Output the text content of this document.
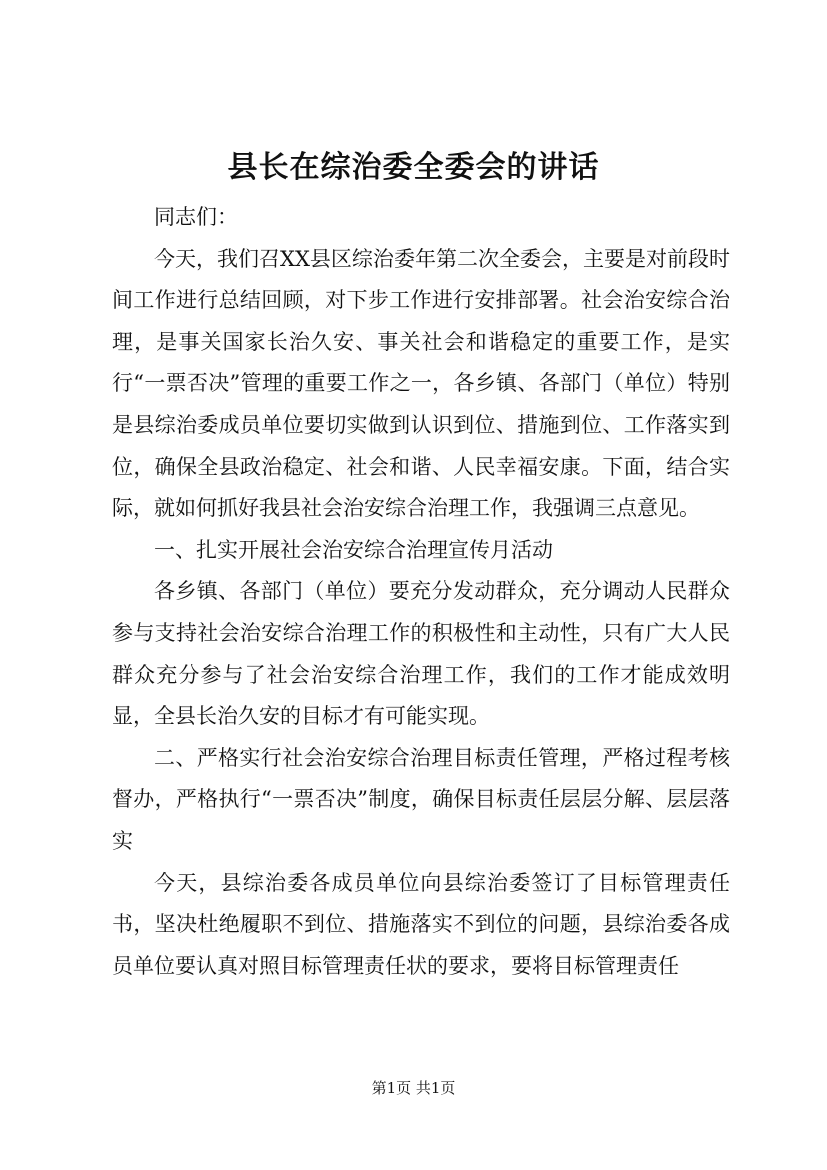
县长在综治委全委会的讲话

同志们：

今天，我们召XX县区综治委年第二次全委会，主要是对前段时间工作进行总结回顾，对下步工作进行安排部署。社会治安综合治理，是事关国家长治久安、事关社会和谐稳定的重要工作，是实行“一票否决”管理的重要工作之一，各乡镇、各部门（单位）特别是县综治委成员单位要切实做到认识到位、措施到位、工作落实到位，确保全县政治稳定、社会和谐、人民幸福安康。下面，结合实际，就如何抓好我县社会治安综合治理工作，我强调三点意见。

一、扎实开展社会治安综合治理宣传月活动

各乡镇、各部门（单位）要充分发动群众，充分调动人民群众参与支持社会治安综合治理工作的积极性和主动性，只有广大人民群众充分参与了社会治安综合治理工作，我们的工作才能成效明显，全县长治久安的目标才有可能实现。

二、严格实行社会治安综合治理目标责任管理，严格过程考核督办，严格执行“一票否决”制度，确保目标责任层层分解、层层落实

今天，县综治委各成员单位向县综治委签订了目标管理责任书，坚决杜绝履职不到位、措施落实不到位的问题，县综治委各成员单位要认真对照目标管理责任状的要求，要将目标管理责任

第1页 共1页
